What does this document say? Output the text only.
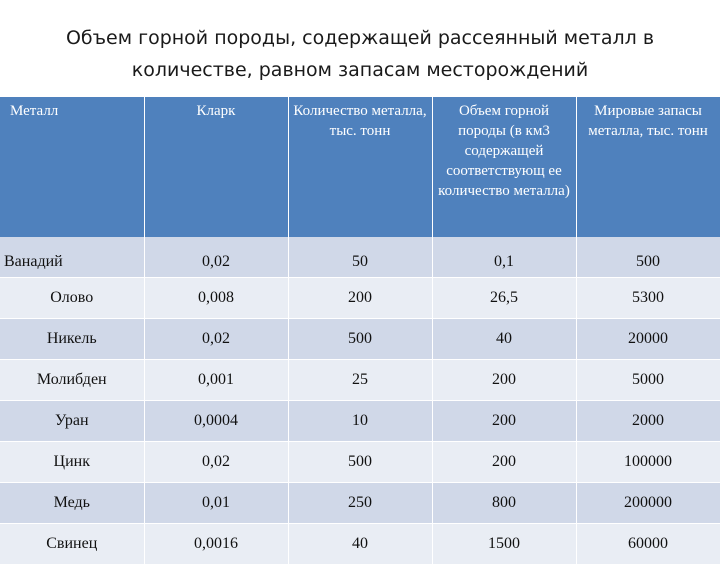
Объем горной породы, содержащей рассеянный металл в
количестве, равном запасам месторождений
Металл	Кларк	Количество металла, тыс. тонн	Объем горной породы (в км3 содержащей соответствующ ее количество металла)	Мировые запасы металла, тыс. тонн
Ванадий	0,02	50	0,1	500
Олово	0,008	200	26,5	5300
Никель	0,02	500	40	20000
Молибден	0,001	25	200	5000
Уран	0,0004	10	200	2000
Цинк	0,02	500	200	100000
Медь	0,01	250	800	200000
Свинец	0,0016	40	1500	60000
